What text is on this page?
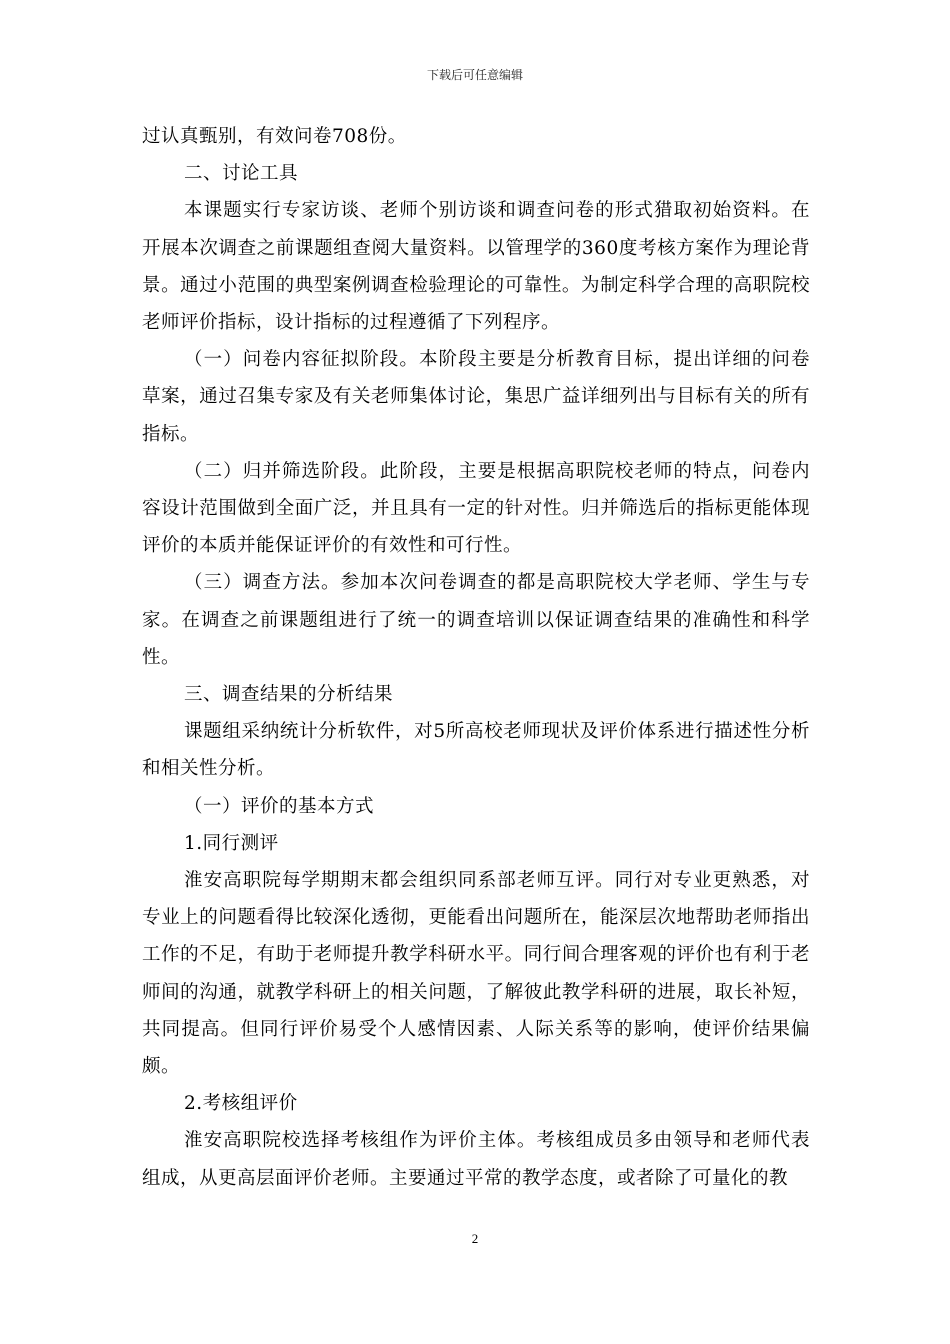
下载后可任意编辑

过认真甄别，有效问卷708份。

二、讨论工具

本课题实行专家访谈、老师个别访谈和调查问卷的形式猎取初始资料。在开展本次调查之前课题组查阅大量资料。以管理学的360度考核方案作为理论背景。通过小范围的典型案例调查检验理论的可靠性。为制定科学合理的高职院校老师评价指标，设计指标的过程遵循了下列程序。

（一）问卷内容征拟阶段。本阶段主要是分析教育目标，提出详细的问卷草案，通过召集专家及有关老师集体讨论，集思广益详细列出与目标有关的所有指标。

（二）归并筛选阶段。此阶段，主要是根据高职院校老师的特点，问卷内容设计范围做到全面广泛，并且具有一定的针对性。归并筛选后的指标更能体现评价的本质并能保证评价的有效性和可行性。

（三）调查方法。参加本次问卷调查的都是高职院校大学老师、学生与专家。在调查之前课题组进行了统一的调查培训以保证调查结果的准确性和科学性。

三、调查结果的分析结果

课题组采纳统计分析软件，对5所高校老师现状及评价体系进行描述性分析和相关性分析。

（一）评价的基本方式

1.同行测评

淮安高职院每学期期末都会组织同系部老师互评。同行对专业更熟悉，对专业上的问题看得比较深化透彻，更能看出问题所在，能深层次地帮助老师指出工作的不足，有助于老师提升教学科研水平。同行间合理客观的评价也有利于老师间的沟通，就教学科研上的相关问题，了解彼此教学科研的进展，取长补短，共同提高。但同行评价易受个人感情因素、人际关系等的影响，使评价结果偏颇。

2.考核组评价

淮安高职院校选择考核组作为评价主体。考核组成员多由领导和老师代表组成，从更高层面评价老师。主要通过平常的教学态度，或者除了可量化的教

2
